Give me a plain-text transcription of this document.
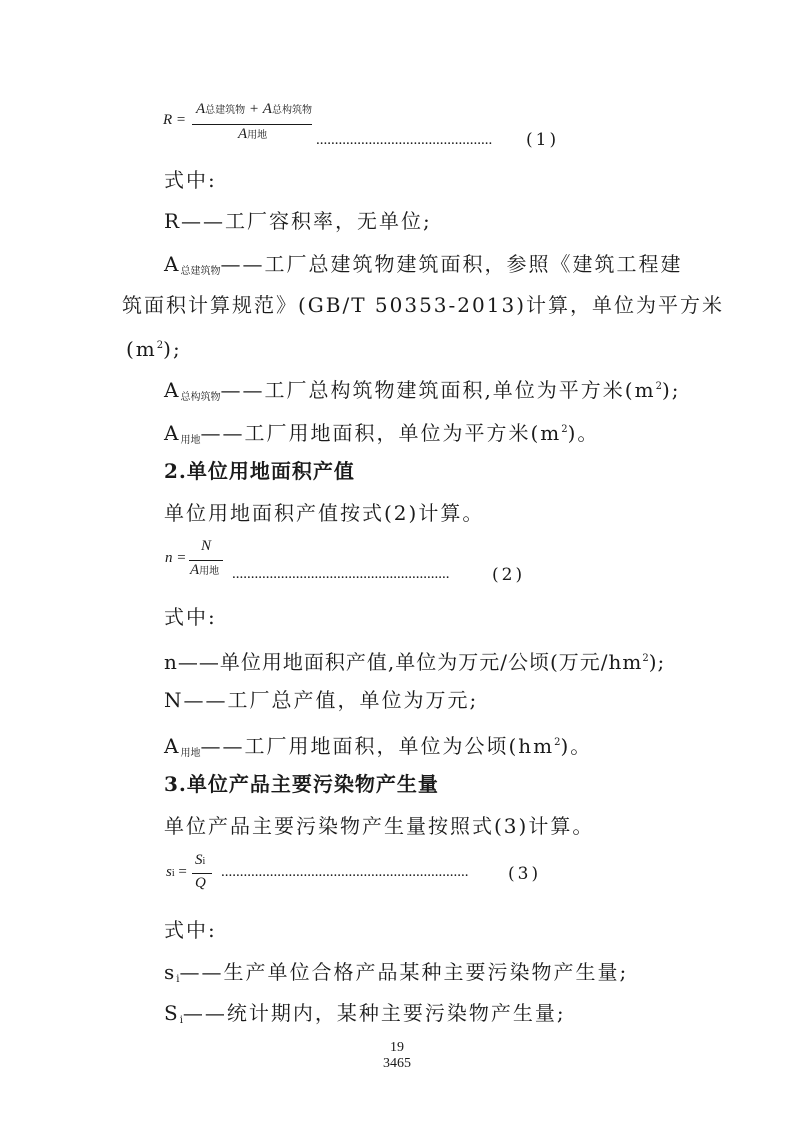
R =
A总建筑物 + A总构筑物
A用地	............................................... (1)
式中:
R——工厂容积率，无单位;
$A_{总建筑物}——$工厂总建筑物建筑面积，参照《建筑工程建
筑面积计算规范》(GB/T 50353-2013)计算，单位为平方米
$(m^2)$;
$A_{总构筑物}——$工厂总构筑物建筑面积,单位为平方米$(m^2)$;
$A_{用地}——$工厂用地面积，单位为平方米$(m^2)$。
2.单位用地面积产值
单位用地面积产值按式(2)计算。
n =
N
A用地 ..........................................................	(2)
式中:
n——单位用地面积产值,单位为万元/公顷(万元$/hm^2$);
N——工厂总产值，单位为万元;
$A_{用地}——$工厂用地面积，单位为公顷$(hm^2)$。
3.单位产品主要污染物产生量
单位产品主要污染物产生量按照式(3)计算。
si =
Si
Q
.................................................................. (3)
式中:
$s_i——$生产单位合格产品某种主要污染物产生量;
$S_i——$统计期内，某种主要污染物产生量;
19
3465
